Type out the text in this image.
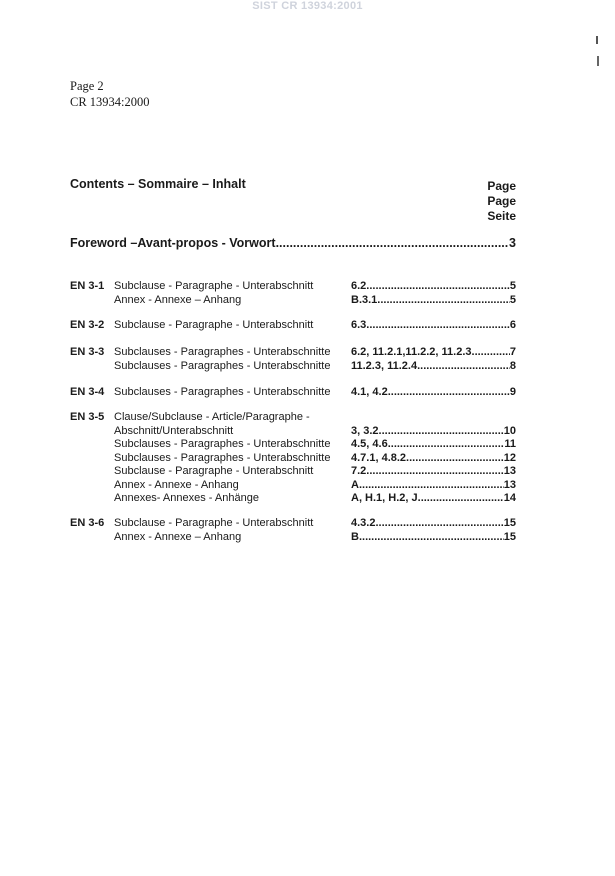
SIST CR 13934:2001
Page 2
CR 13934:2000
Contents – Sommaire – Inhalt	Page
Page
Seite
Foreword –Avant-propos - Vorwort .....	3
EN 3-1 Subclause - Paragraphe - Unterabschnitt	6.2 .....	5
Annex - Annexe – Anhang	B.3.1 .....	5
EN 3-2 Subclause - Paragraphe - Unterabschnitt	6.3 .....	6
EN 3-3 Subclauses - Paragraphes - Unterabschnitte 6.2, 11.2.1,11.2.2, 11.2.3 .....	7
Subclauses - Paragraphes - Unterabschnitte 11.2.3, 11.2.4 .....	8
EN 3-4 Subclauses - Paragraphes - Unterabschnitte 4.1, 4.2 .....	9
EN 3-5 Clause/Subclause - Article/Paragraphe -
Abschnitt/Unterabschnitt	3, 3.2 .....	10
Subclauses - Paragraphes - Unterabschnitte 4.5, 4.6 .....	11
Subclauses - Paragraphes - Unterabschnitte 4.7.1, 4.8.2 .....	12
Subclause - Paragraphe - Unterabschnitt	7.2 .....	13
Annex - Annexe - Anhang	A .....	13
Annexes- Annexes - Anhänge	A, H.1, H.2, J .....	14
EN 3-6 Subclause - Paragraphe - Unterabschnitt	4.3.2 .....	15
Annex - Annexe – Anhang	B .....	15
